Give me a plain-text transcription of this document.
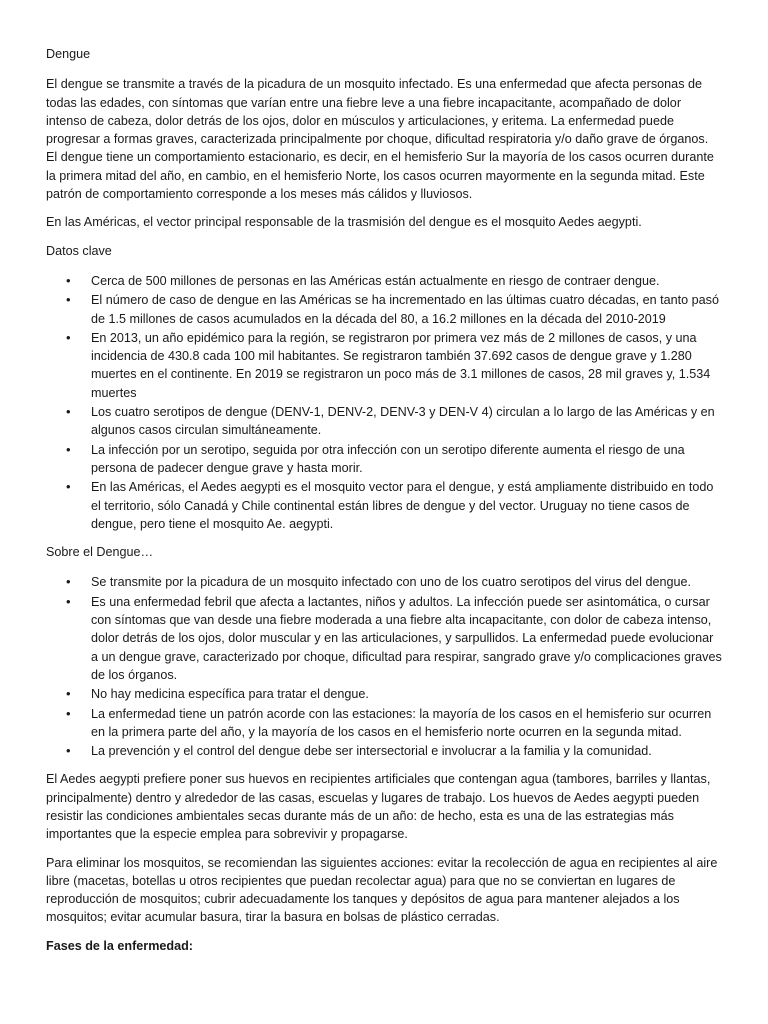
Dengue

El dengue se transmite a través de la picadura de un mosquito infectado. Es una enfermedad que afecta personas de todas las edades, con síntomas que varían entre una fiebre leve a una fiebre incapacitante, acompañado de dolor intenso de cabeza, dolor detrás de los ojos, dolor en músculos y articulaciones, y eritema. La enfermedad puede progresar a formas graves, caracterizada principalmente por choque, dificultad respiratoria y/o daño grave de órganos. El dengue tiene un comportamiento estacionario, es decir, en el hemisferio Sur la mayoría de los casos ocurren durante la primera mitad del año, en cambio, en el hemisferio Norte, los casos ocurren mayormente en la segunda mitad. Este patrón de comportamiento corresponde a los meses más cálidos y lluviosos.

En las Américas, el vector principal responsable de la trasmisión del dengue es el mosquito Aedes aegypti.

Datos clave
• Cerca de 500 millones de personas en las Américas están actualmente en riesgo de contraer dengue.
• El número de caso de dengue en las Américas se ha incrementado en las últimas cuatro décadas, en tanto pasó de 1.5 millones de casos acumulados en la década del 80, a 16.2 millones en la década del 2010-2019
• En 2013, un año epidémico para la región, se registraron por primera vez más de 2 millones de casos, y una incidencia de 430.8 cada 100 mil habitantes. Se registraron también 37.692 casos de dengue grave y 1.280 muertes en el continente. En 2019 se registraron un poco más de 3.1 millones de casos, 28 mil graves y, 1.534 muertes
• Los cuatro serotipos de dengue (DENV-1, DENV-2, DENV-3 y DEN-V 4) circulan a lo largo de las Américas y en algunos casos circulan simultáneamente.
• La infección por un serotipo, seguida por otra infección con un serotipo diferente aumenta el riesgo de una persona de padecer dengue grave y hasta morir.
• En las Américas, el Aedes aegypti es el mosquito vector para el dengue, y está ampliamente distribuido en todo el territorio, sólo Canadá y Chile continental están libres de dengue y del vector. Uruguay no tiene casos de dengue, pero tiene el mosquito Ae. aegypti.
Sobre el Dengue…
• Se transmite por la picadura de un mosquito infectado con uno de los cuatro serotipos del virus del dengue.
• Es una enfermedad febril que afecta a lactantes, niños y adultos. La infección puede ser asintomática, o cursar con síntomas que van desde una fiebre moderada a una fiebre alta incapacitante, con dolor de cabeza intenso, dolor detrás de los ojos, dolor muscular y en las articulaciones, y sarpullidos. La enfermedad puede evolucionar a un dengue grave, caracterizado por choque, dificultad para respirar, sangrado grave y/o complicaciones graves de los órganos.
• No hay medicina específica para tratar el dengue.
• La enfermedad tiene un patrón acorde con las estaciones: la mayoría de los casos en el hemisferio sur ocurren en la primera parte del año, y la mayoría de los casos en el hemisferio norte ocurren en la segunda mitad.
• La prevención y el control del dengue debe ser intersectorial e involucrar a la familia y la comunidad.

El Aedes aegypti prefiere poner sus huevos en recipientes artificiales que contengan agua (tambores, barriles y llantas, principalmente) dentro y alrededor de las casas, escuelas y lugares de trabajo. Los huevos de Aedes aegypti pueden resistir las condiciones ambientales secas durante más de un año: de hecho, esta es una de las estrategias más importantes que la especie emplea para sobrevivir y propagarse.

Para eliminar los mosquitos, se recomiendan las siguientes acciones: evitar la recolección de agua en recipientes al aire libre (macetas, botellas u otros recipientes que puedan recolectar agua) para que no se conviertan en lugares de reproducción de mosquitos; cubrir adecuadamente los tanques y depósitos de agua para mantener alejados a los mosquitos; evitar acumular basura, tirar la basura en bolsas de plástico cerradas.

Fases de la enfermedad:
